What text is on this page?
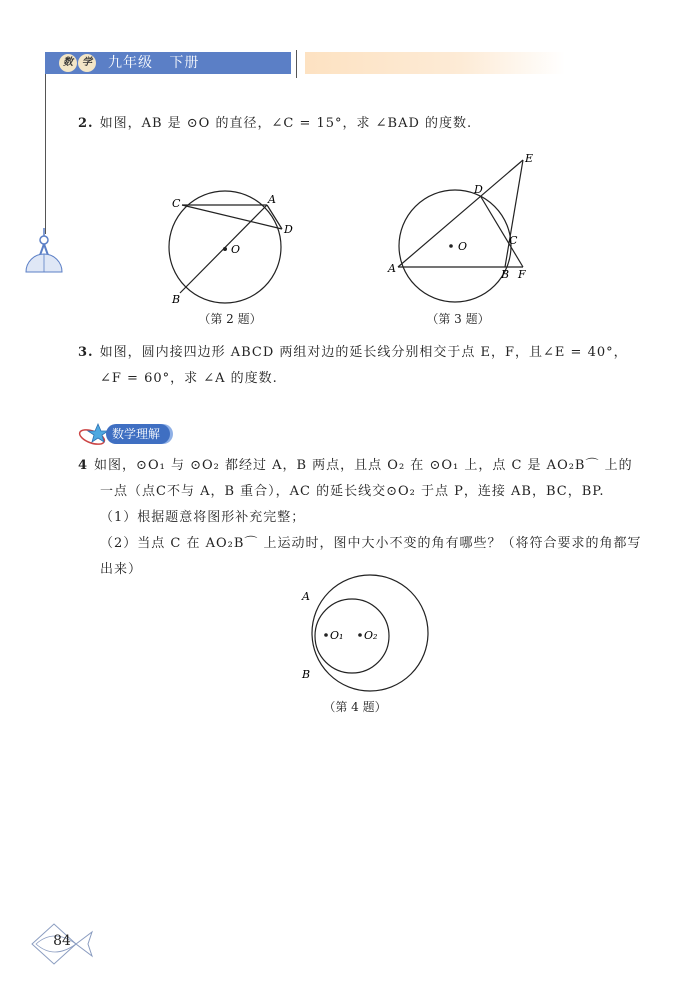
数 学 九年级   下册
2. 如图，AB 是 ⊙O 的直径，∠C = 15°，求 ∠BAD 的度数.
C	A
D
O
B
（第 2 题）
E
D
C
O
A	B F
（第 3 题）
3. 如图，圆内接四边形 ABCD 两组对边的延长线分别相交于点 E，F，且∠E = 40°，
∠F = 60°，求 ∠A 的度数.
数学理解
4 如图，⊙O₁ 与 ⊙O₂ 都经过 A，B 两点，且点 O₂ 在 ⊙O₁ 上，点 C 是 AO₂B⌒ 上的
一点（点C不与 A，B 重合），AC 的延长线交⊙O₂ 于点 P，连接 AB，BC，BP.
（1）根据题意将图形补充完整；
（2）当点 C 在 AO₂B⌒ 上运动时，图中大小不变的角有哪些？（将符合要求的角都写出来）
A
B
O₁ O₂
（第 4 题）
84
